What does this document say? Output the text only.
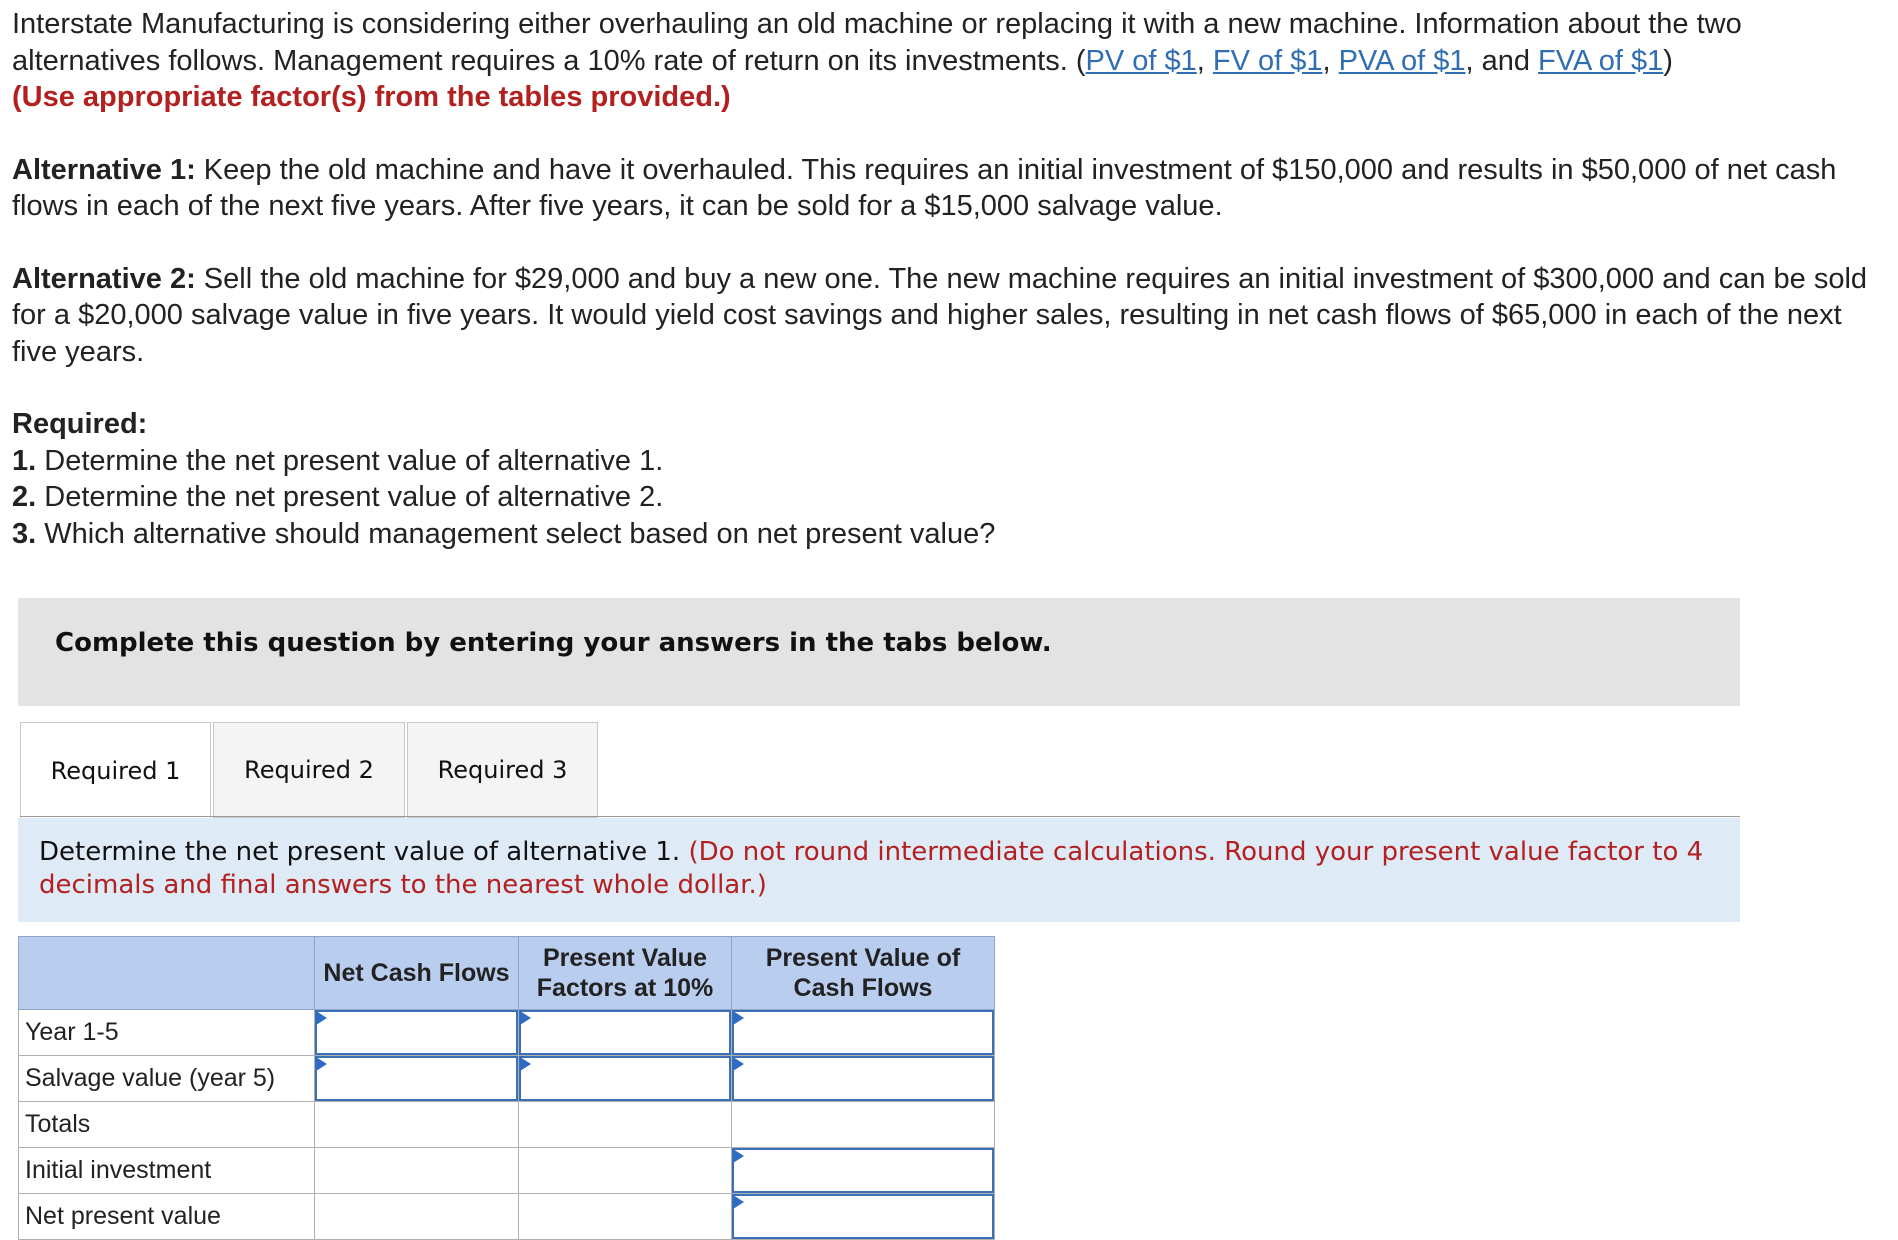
Interstate Manufacturing is considering either overhauling an old machine or replacing it with a new machine. Information about the two alternatives follows. Management requires a 10% rate of return on its investments. (PV of $1, FV of $1, PVA of $1, and FVA of $1)
(Use appropriate factor(s) from the tables provided.)

Alternative 1: Keep the old machine and have it overhauled. This requires an initial investment of $150,000 and results in $50,000 of net cash flows in each of the next five years. After five years, it can be sold for a $15,000 salvage value.

Alternative 2: Sell the old machine for $29,000 and buy a new one. The new machine requires an initial investment of $300,000 and can be sold for a $20,000 salvage value in five years. It would yield cost savings and higher sales, resulting in net cash flows of $65,000 in each of the next five years.

Required:
1. Determine the net present value of alternative 1.
2. Determine the net present value of alternative 2.
3. Which alternative should management select based on net present value?
Complete this question by entering your answers in the tabs below.
Required 1	Required 2	Required 3
Determine the net present value of alternative 1. (Do not round intermediate calculations. Round your present value factor to 4 decimals and final answers to the nearest whole dollar.)
	Net Cash Flows	Present Value Factors at 10%	Present Value of Cash Flows
Year 1-5			
Salvage value (year 5)			
Totals			
Initial investment			
Net present value			
